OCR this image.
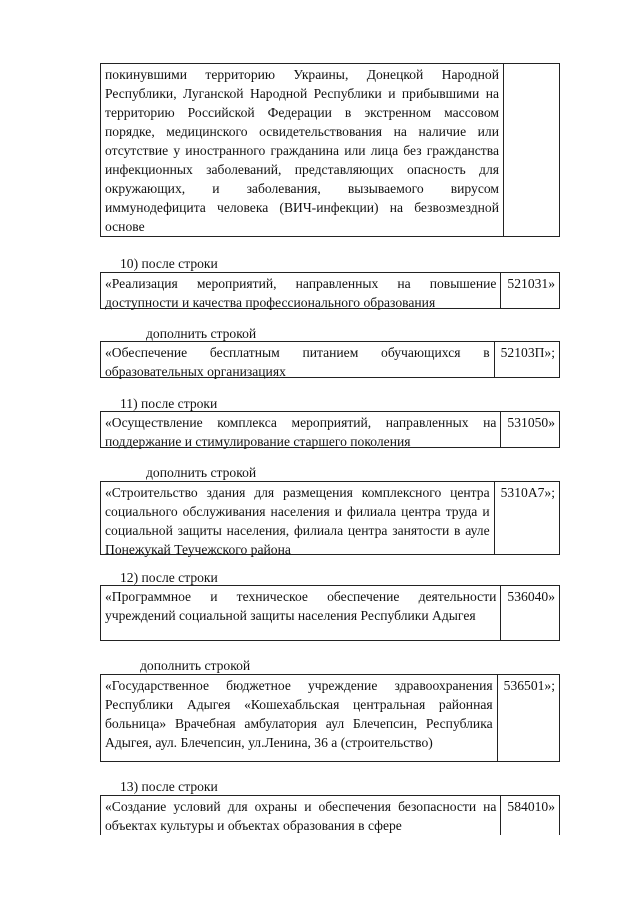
покинувшими территорию Украины, Донецкой Народной Республики, Луганской Народной Республики и прибывшими на территорию Российской Федерации в экстренном массовом порядке, медицинского освидетельствования на наличие или отсутствие у иностранного гражданина или лица без гражданства инфекционных заболеваний, представляющих опасность для окружающих, и заболевания, вызываемого вирусом иммунодефицита человека (ВИЧ-инфекции) на безвозмездной основе
10) после строки
«Реализация мероприятий, направленных на повышение доступности и качества профессионального образования
521031»
дополнить строкой
«Обеспечение бесплатным питанием обучающихся в образовательных организациях
52103П»;
11) после строки
«Осуществление комплекса мероприятий, направленных на поддержание и стимулирование старшего поколения
531050»
дополнить строкой
«Строительство здания для размещения комплексного центра социального обслуживания населения и филиала центра труда и социальной защиты населения, филиала центра занятости в ауле Понежукай Теучежского района
5310А7»;
12) после строки
«Программное и техническое обеспечение деятельности учреждений социальной защиты населения Республики Адыгея
536040»
дополнить строкой
«Государственное бюджетное учреждение здравоохранения Республики Адыгея «Кошехабльская центральная районная больница» Врачебная амбулатория аул Блечепсин, Республика Адыгея, аул. Блечепсин, ул.Ленина, 36 а (строительство)
536501»;
13) после строки
«Создание условий для охраны и обеспечения безопасности на объектах культуры и объектах образования в сфере
584010»
